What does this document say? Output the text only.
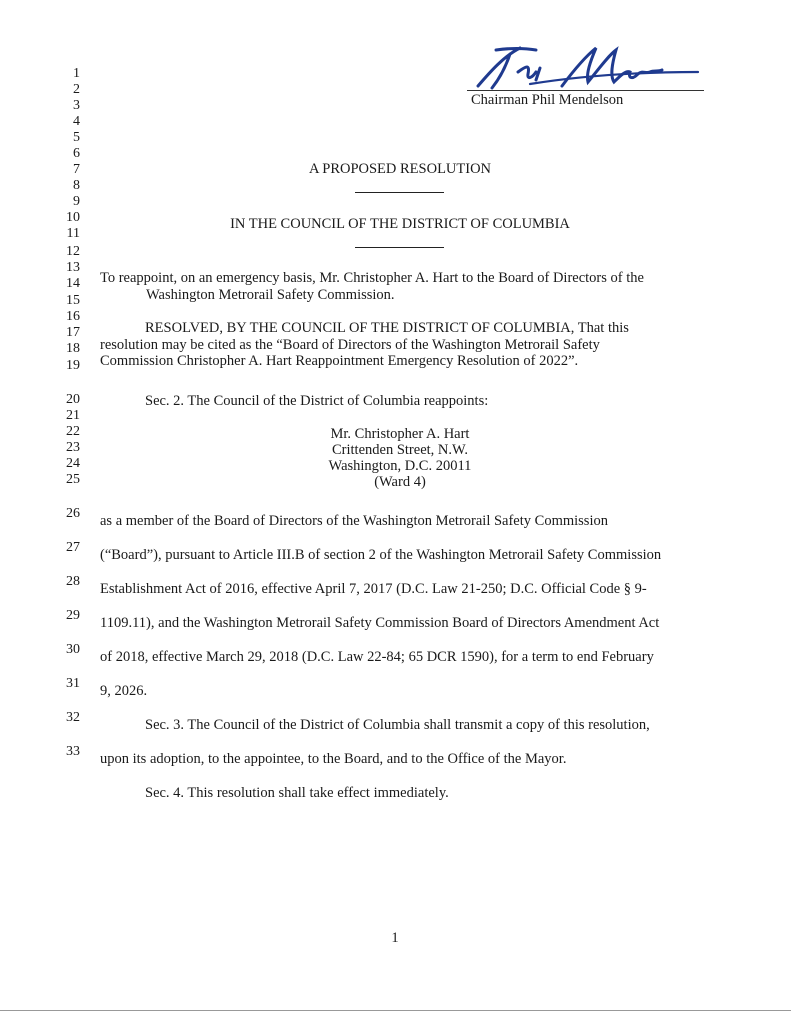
1
2
3
4
5
6
7
8
9
10
11
12
13
14
15
16
17
18
19
20
21
22
23
24
25
26
27
28
29
30
31
32
33
Chairman Phil Mendelson
A PROPOSED RESOLUTION
IN THE COUNCIL OF THE DISTRICT OF COLUMBIA
To reappoint, on an emergency basis, Mr. Christopher A. Hart to the Board of Directors of the
Washington Metrorail Safety Commission.
RESOLVED, BY THE COUNCIL OF THE DISTRICT OF COLUMBIA, That this
resolution may be cited as the “Board of Directors of the Washington Metrorail Safety
Commission Christopher A. Hart Reappointment Emergency Resolution of 2022”.
Sec. 2. The Council of the District of Columbia reappoints:
Mr. Christopher A. Hart
Crittenden Street, N.W.
Washington, D.C. 20011
(Ward 4)
as a member of the Board of Directors of the Washington Metrorail Safety Commission
(“Board”), pursuant to Article III.B of section 2 of the Washington Metrorail Safety Commission
Establishment Act of 2016, effective April 7, 2017 (D.C. Law 21-250; D.C. Official Code § 9-
1109.11), and the Washington Metrorail Safety Commission Board of Directors Amendment Act
of 2018, effective March 29, 2018 (D.C. Law 22-84; 65 DCR 1590), for a term to end February
9, 2026.
Sec. 3. The Council of the District of Columbia shall transmit a copy of this resolution,
upon its adoption, to the appointee, to the Board, and to the Office of the Mayor.
Sec. 4. This resolution shall take effect immediately.
1
